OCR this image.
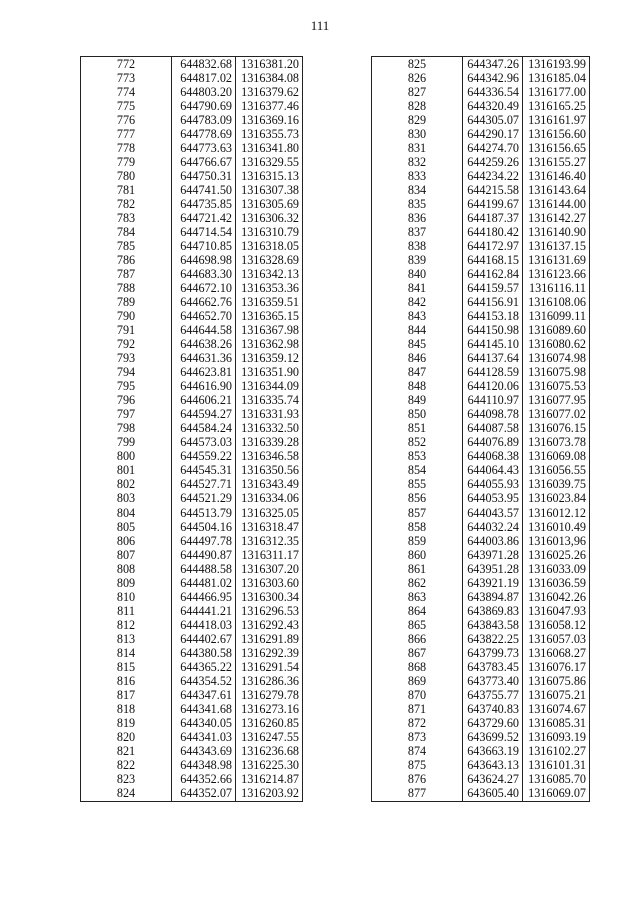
111
772	644832.68	1316381.20
773	644817.02	1316384.08
774	644803.20	1316379.62
775	644790.69	1316377.46
776	644783.09	1316369.16
777	644778.69	1316355.73
778	644773.63	1316341.80
779	644766.67	1316329.55
780	644750.31	1316315.13
781	644741.50	1316307.38
782	644735.85	1316305.69
783	644721.42	1316306.32
784	644714.54	1316310.79
785	644710.85	1316318.05
786	644698.98	1316328.69
787	644683.30	1316342.13
788	644672.10	1316353.36
789	644662.76	1316359.51
790	644652.70	1316365.15
791	644644.58	1316367.98
792	644638.26	1316362.98
793	644631.36	1316359.12
794	644623.81	1316351.90
795	644616.90	1316344.09
796	644606.21	1316335.74
797	644594.27	1316331.93
798	644584.24	1316332.50
799	644573.03	1316339.28
800	644559.22	1316346.58
801	644545.31	1316350.56
802	644527.71	1316343.49
803	644521.29	1316334.06
804	644513.79	1316325.05
805	644504.16	1316318.47
806	644497.78	1316312.35
807	644490.87	1316311.17
808	644488.58	1316307.20
809	644481.02	1316303.60
810	644466.95	1316300.34
811	644441.21	1316296.53
812	644418.03	1316292.43
813	644402.67	1316291.89
814	644380.58	1316292.39
815	644365.22	1316291.54
816	644354.52	1316286.36
817	644347.61	1316279.78
818	644341.68	1316273.16
819	644340.05	1316260.85
820	644341.03	1316247.55
821	644343.69	1316236.68
822	644348.98	1316225.30
823	644352.66	1316214.87
824	644352.07	1316203.92
825	644347.26	1316193.99
826	644342.96	1316185.04
827	644336.54	1316177.00
828	644320.49	1316165.25
829	644305.07	1316161.97
830	644290.17	1316156.60
831	644274.70	1316156.65
832	644259.26	1316155.27
833	644234.22	1316146.40
834	644215.58	1316143.64
835	644199.67	1316144.00
836	644187.37	1316142.27
837	644180.42	1316140.90
838	644172.97	1316137.15
839	644168.15	1316131.69
840	644162.84	1316123.66
841	644159.57	1316116.11
842	644156.91	1316108.06
843	644153.18	1316099.11
844	644150.98	1316089.60
845	644145.10	1316080.62
846	644137.64	1316074.98
847	644128.59	1316075.98
848	644120.06	1316075.53
849	644110.97	1316077.95
850	644098.78	1316077.02
851	644087.58	1316076.15
852	644076.89	1316073.78
853	644068.38	1316069.08
854	644064.43	1316056.55
855	644055.93	1316039.75
856	644053.95	1316023.84
857	644043.57	1316012.12
858	644032.24	1316010.49
859	644003.86	1316013,96
860	643971.28	1316025.26
861	643951.28	1316033.09
862	643921.19	1316036.59
863	643894.87	1316042.26
864	643869.83	1316047.93
865	643843.58	1316058.12
866	643822.25	1316057.03
867	643799.73	1316068.27
868	643783.45	1316076.17
869	643773.40	1316075.86
870	643755.77	1316075.21
871	643740.83	1316074.67
872	643729.60	1316085.31
873	643699.52	1316093.19
874	643663.19	1316102.27
875	643643.13	1316101.31
876	643624.27	1316085.70
877	643605.40	1316069.07
